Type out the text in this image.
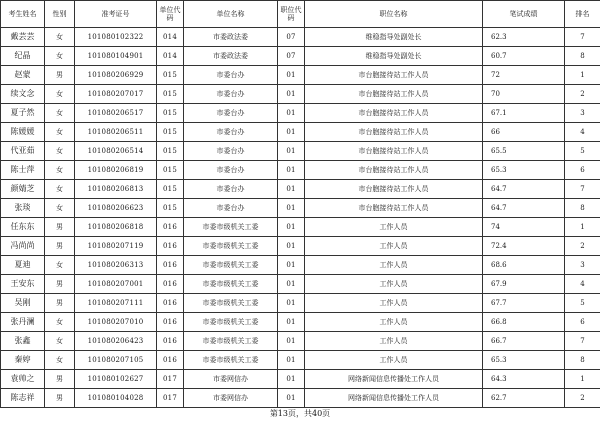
考生姓名	性别	准考证号	单位代码	单位名称	职位代码	职位名称	笔试成绩	排名
戴芸芸	女	101080102322	014	市委政法委	07	维稳指导处副处长	62.3	7
纪晶	女	101080104901	014	市委政法委	07	维稳指导处副处长	60.7	8
赵蒙	男	101080206929	015	市委台办	01	市台胞接待站工作人员	72	1
续文念	女	101080207017	015	市委台办	01	市台胞接待站工作人员	70	2
夏子然	女	101080206517	015	市委台办	01	市台胞接待站工作人员	67.1	3
陈媛媛	女	101080206511	015	市委台办	01	市台胞接待站工作人员	66	4
代亚茹	女	101080206514	015	市委台办	01	市台胞接待站工作人员	65.5	5
陈士萍	女	101080206819	015	市委台办	01	市台胞接待站工作人员	65.3	6
颜婧芝	女	101080206813	015	市委台办	01	市台胞接待站工作人员	64.7	7
张琰	女	101080206623	015	市委台办	01	市台胞接待站工作人员	64.7	8
任东东	男	101080206818	016	市委市级机关工委	01	工作人员	74	1
冯尚尚	男	101080207119	016	市委市级机关工委	01	工作人员	72.4	2
夏迪	女	101080206313	016	市委市级机关工委	01	工作人员	68.6	3
王安东	男	101080207001	016	市委市级机关工委	01	工作人员	67.9	4
吴刚	男	101080207111	016	市委市级机关工委	01	工作人员	67.7	5
张丹澜	女	101080207010	016	市委市级机关工委	01	工作人员	66.8	6
张鑫	女	101080206423	016	市委市级机关工委	01	工作人员	66.7	7
秦婷	女	101080207105	016	市委市级机关工委	01	工作人员	65.3	8
袁帅之	男	101080102627	017	市委网信办	01	网络新闻信息传播处工作人员	64.3	1
陈志祥	男	101080104028	017	市委网信办	01	网络新闻信息传播处工作人员	62.7	2
第13页，共40页
